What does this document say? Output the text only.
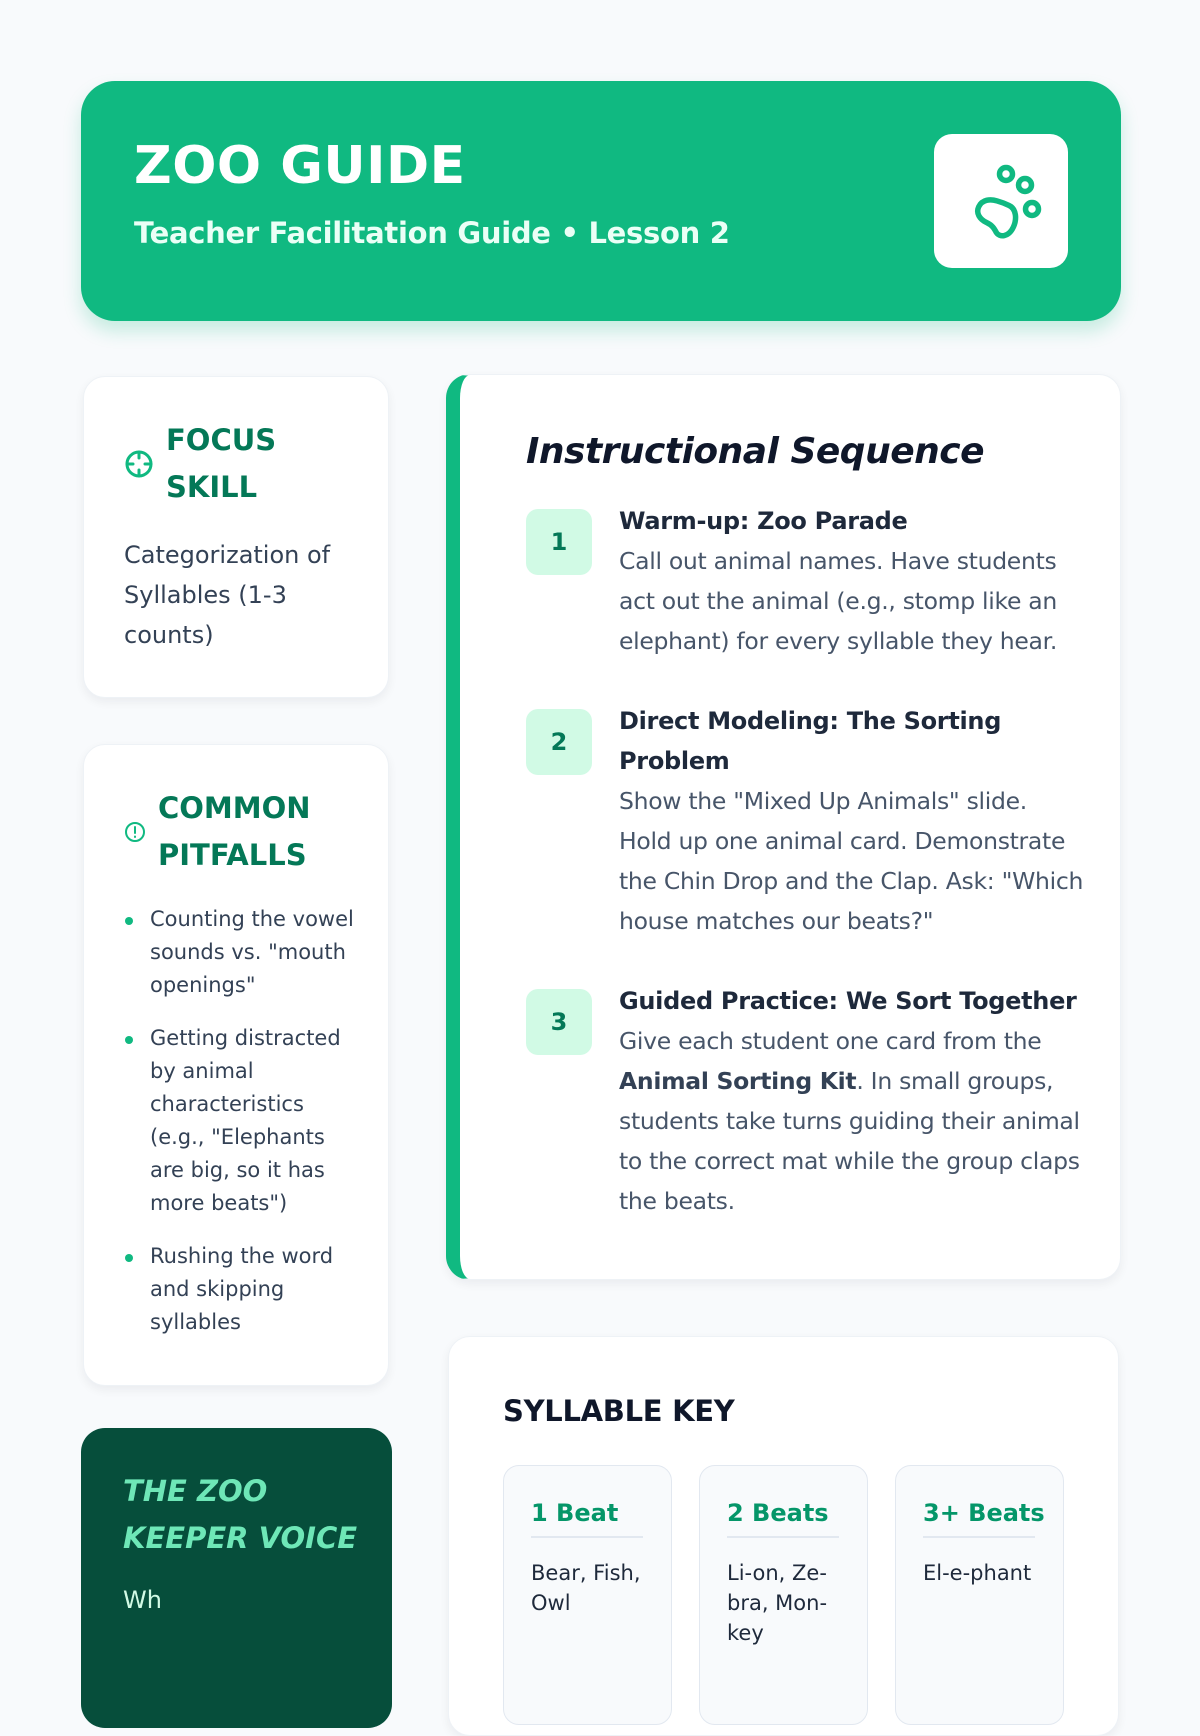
ZOO GUIDE

Teacher Facilitation Guide • Lesson 2

FOCUS
SKILL

Categorization of Syllables (1-3 counts)

COMMON
PITFALLS
Counting the vowel sounds vs. "mouth openings"
Getting distracted by animal characteristics (e.g., "Elephants are big, so it has more beats")
Rushing the word and skipping syllables
THE ZOO
KEEPER VOICE

Wh

Instructional Sequence
1
Warm-up: Zoo Parade
Call out animal names. Have students act out the animal (e.g., stomp like an elephant) for every syllable they hear.
2
Direct Modeling: The Sorting Problem
Show the "Mixed Up Animals" slide. Hold up one animal card. Demonstrate the Chin Drop and the Clap. Ask: "Which house matches our beats?"
3
Guided Practice: We Sort Together
Give each student one card from the Animal Sorting Kit. In small groups, students take turns guiding their animal to the correct mat while the group claps the beats.
SYLLABLE KEY
1 Beat

Bear, Fish, Owl

2 Beats

Li-on, Ze-bra, Mon-key

3+ Beats

El-e-phant
